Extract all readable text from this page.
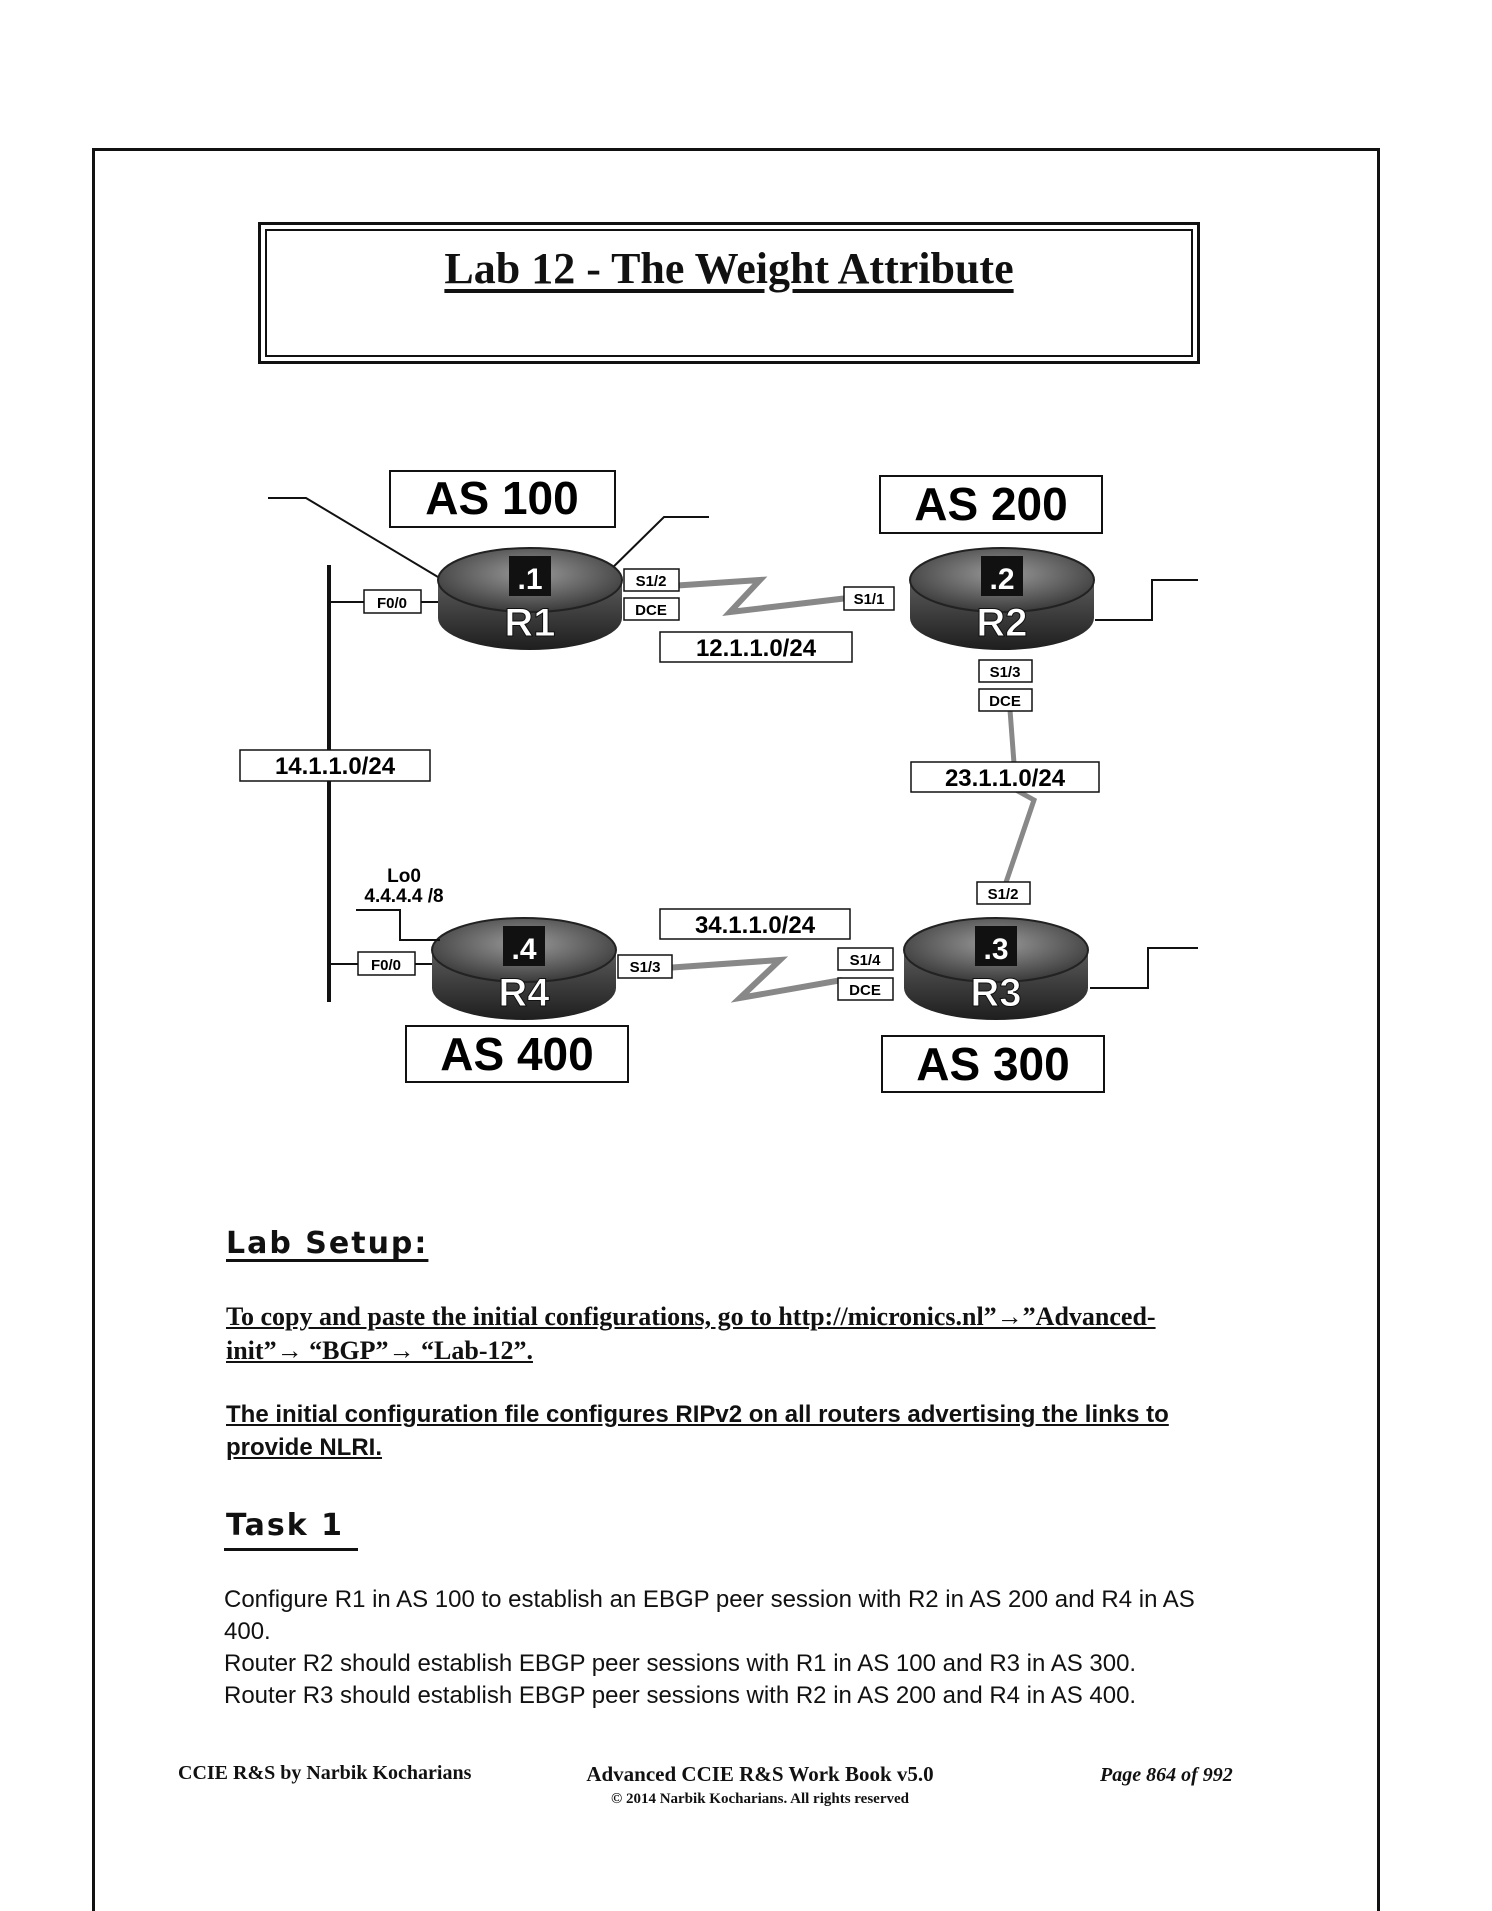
Lab 12 - The Weight Attribute
.1
R1
.2
R2
.4
R4
.3
R3
AS 100	AS 200
AS 400	AS 300
F0/0
S1/2
DCE
S1/1
S1/3
DCE
S1/2
S1/4
DCE
F0/0	S1/3
12.1.1.0/24
23.1.1.0/24
34.1.1.0/24
14.1.1.0/24
Lo0
4.4.4.4 /8
Lab Setup:
To copy and paste the initial configurations, go to http://micronics.nl”→”Advanced-
init”→ “BGP”→ “Lab-12”.
The initial configuration file configures RIPv2 on all routers advertising the links to
provide NLRI.
Task 1

Configure R1 in AS 100 to establish an EBGP peer session with R2 in AS 200 and R4 in AS

400.

Router R2 should establish EBGP peer sessions with R1 in AS 100 and R3 in AS 300.

Router R3 should establish EBGP peer sessions with R2 in AS 200 and R4 in AS 400.

CCIE R&S by Narbik Kocharians	Advanced CCIE R&S Work Book v5.0
© 2014 Narbik Kocharians. All rights reserved
Page 864 of 992
